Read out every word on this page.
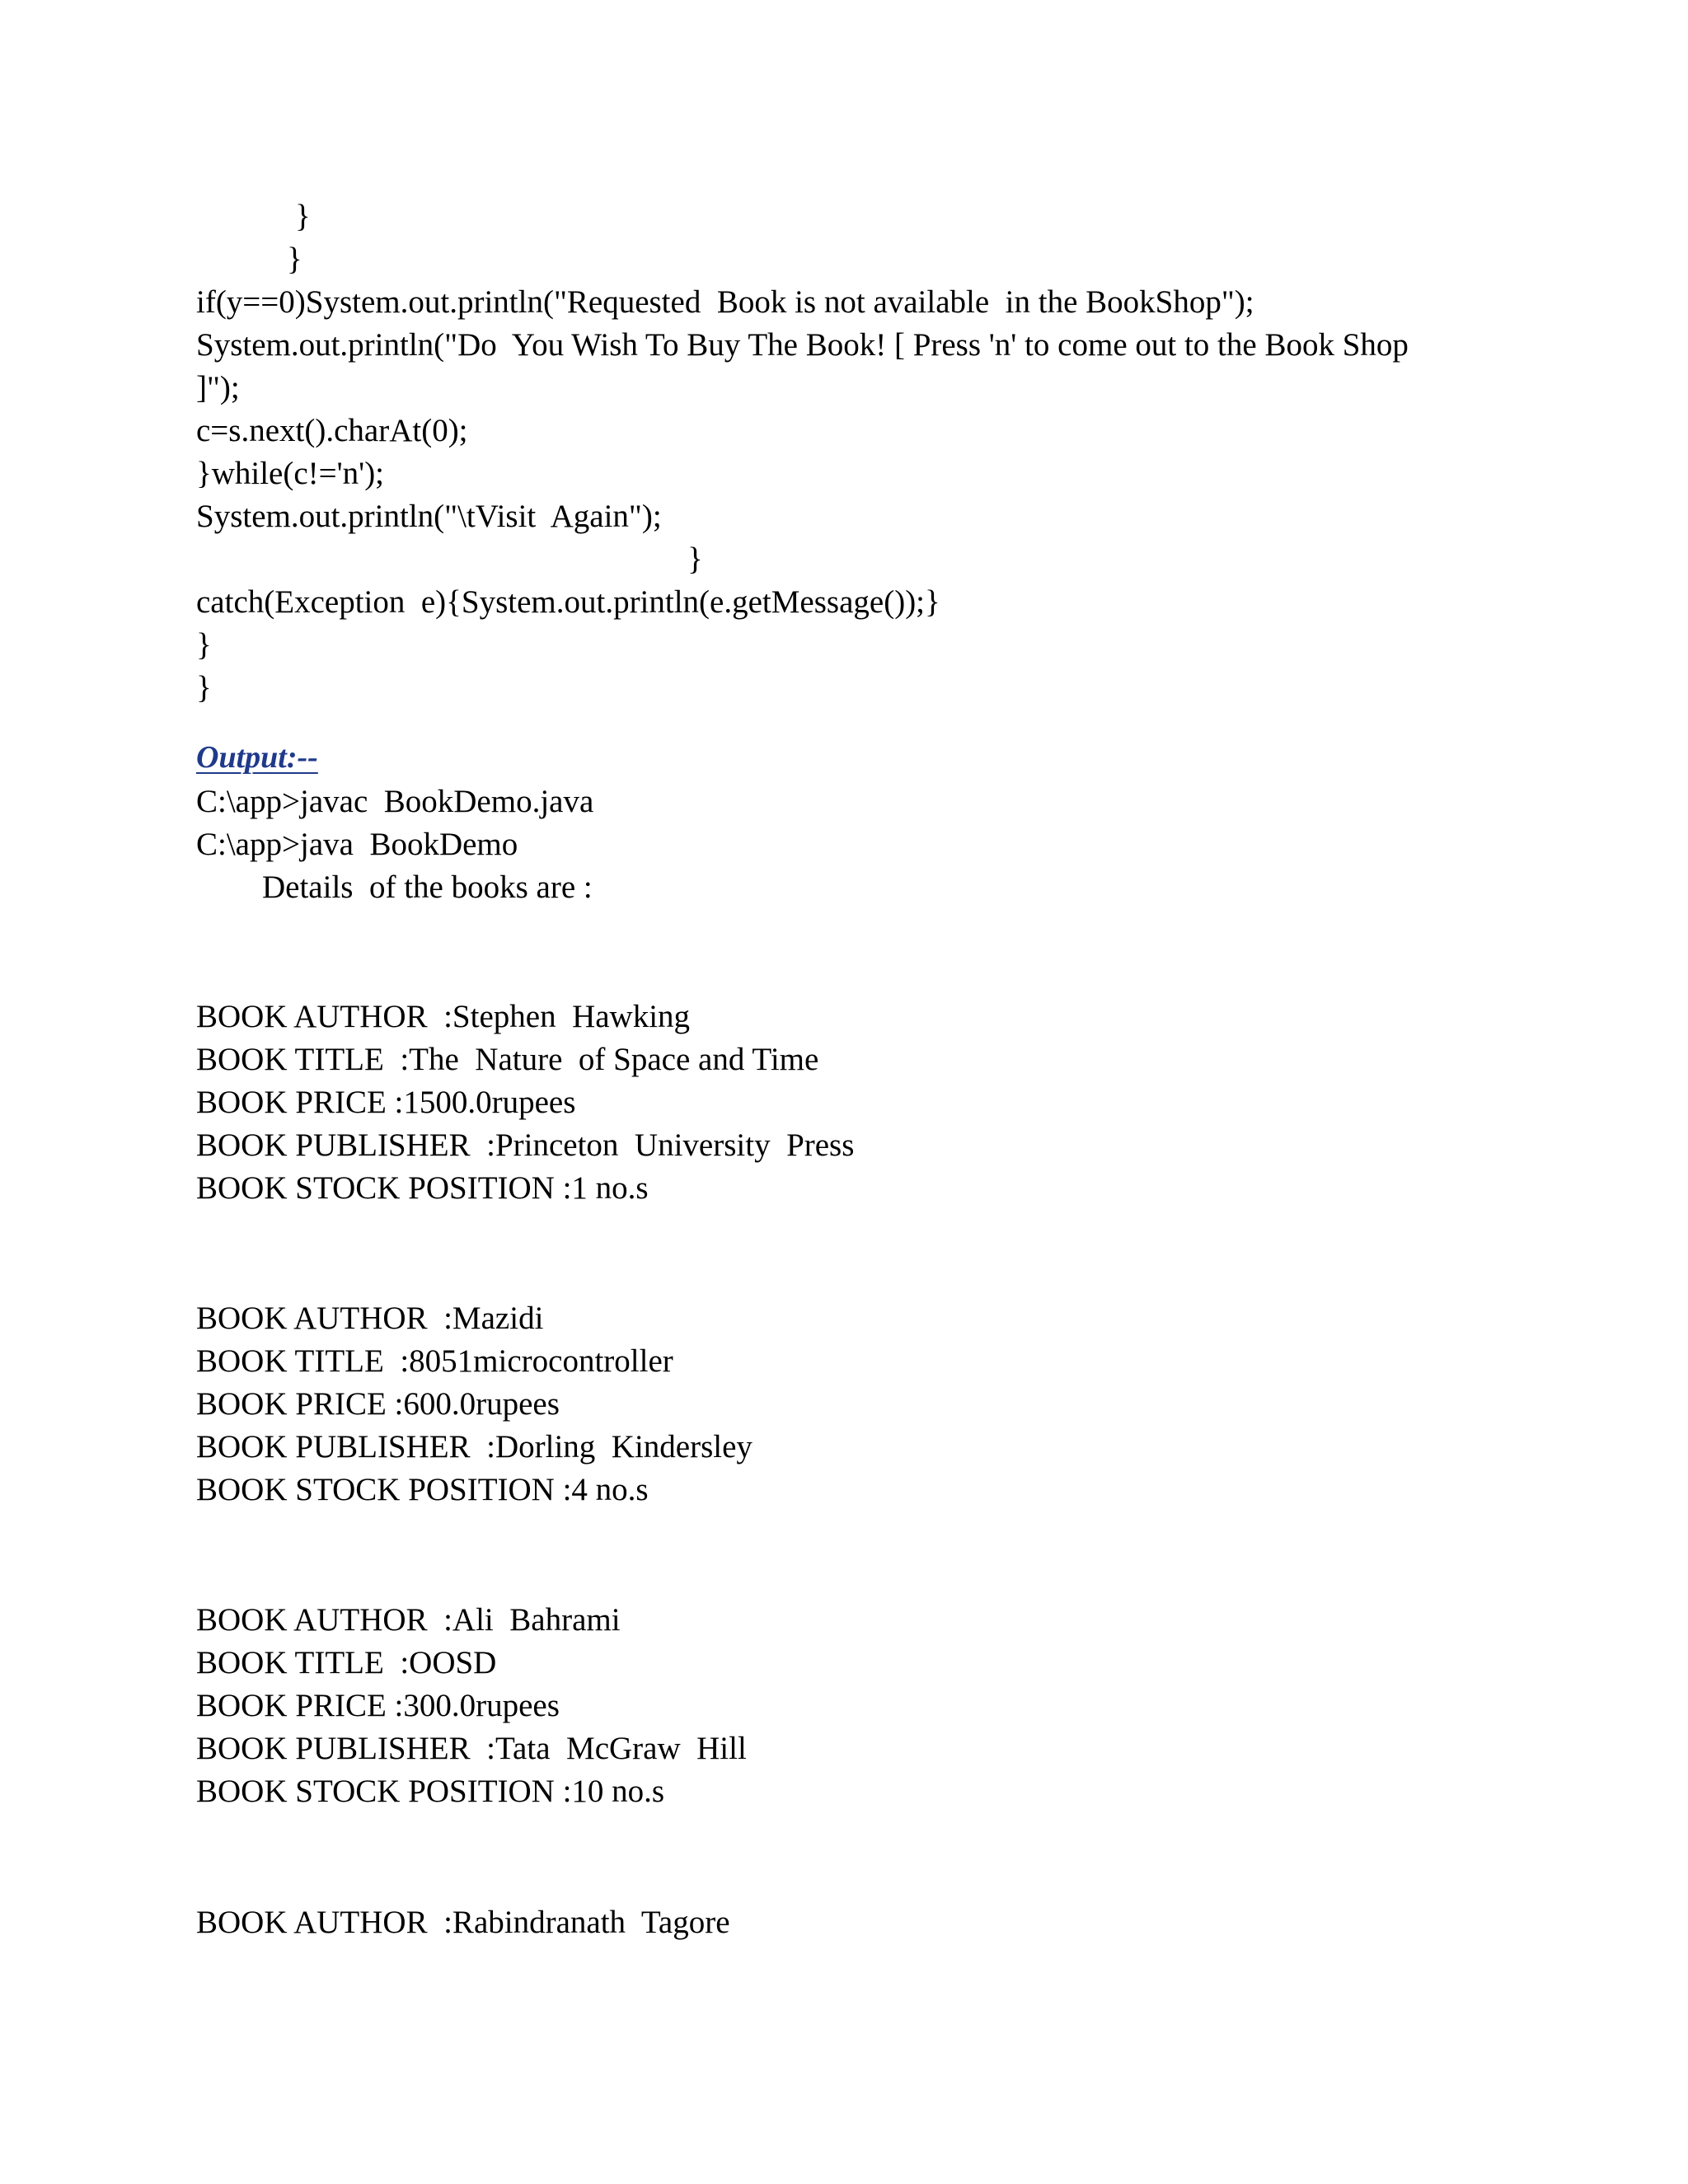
}

}

if(y==0)System.out.println("Requested  Book is not available  in the BookShop");

System.out.println("Do  You Wish To Buy The Book! [ Press 'n' to come out to the Book Shop

]");

c=s.next().charAt(0);

}while(c!='n');

System.out.println("\tVisit  Again");

}

catch(Exception  e){System.out.println(e.getMessage());}

}

}

Output:--

C:\app>javac  BookDemo.java

C:\app>java  BookDemo

Details  of the books are :

BOOK AUTHOR  :Stephen  Hawking

BOOK TITLE  :The  Nature  of Space and Time

BOOK PRICE :1500.0rupees

BOOK PUBLISHER  :Princeton  University  Press

BOOK STOCK POSITION :1 no.s

BOOK AUTHOR  :Mazidi

BOOK TITLE  :8051microcontroller

BOOK PRICE :600.0rupees

BOOK PUBLISHER  :Dorling  Kindersley

BOOK STOCK POSITION :4 no.s

BOOK AUTHOR  :Ali  Bahrami

BOOK TITLE  :OOSD

BOOK PRICE :300.0rupees

BOOK PUBLISHER  :Tata  McGraw  Hill

BOOK STOCK POSITION :10 no.s

BOOK AUTHOR  :Rabindranath  Tagore
